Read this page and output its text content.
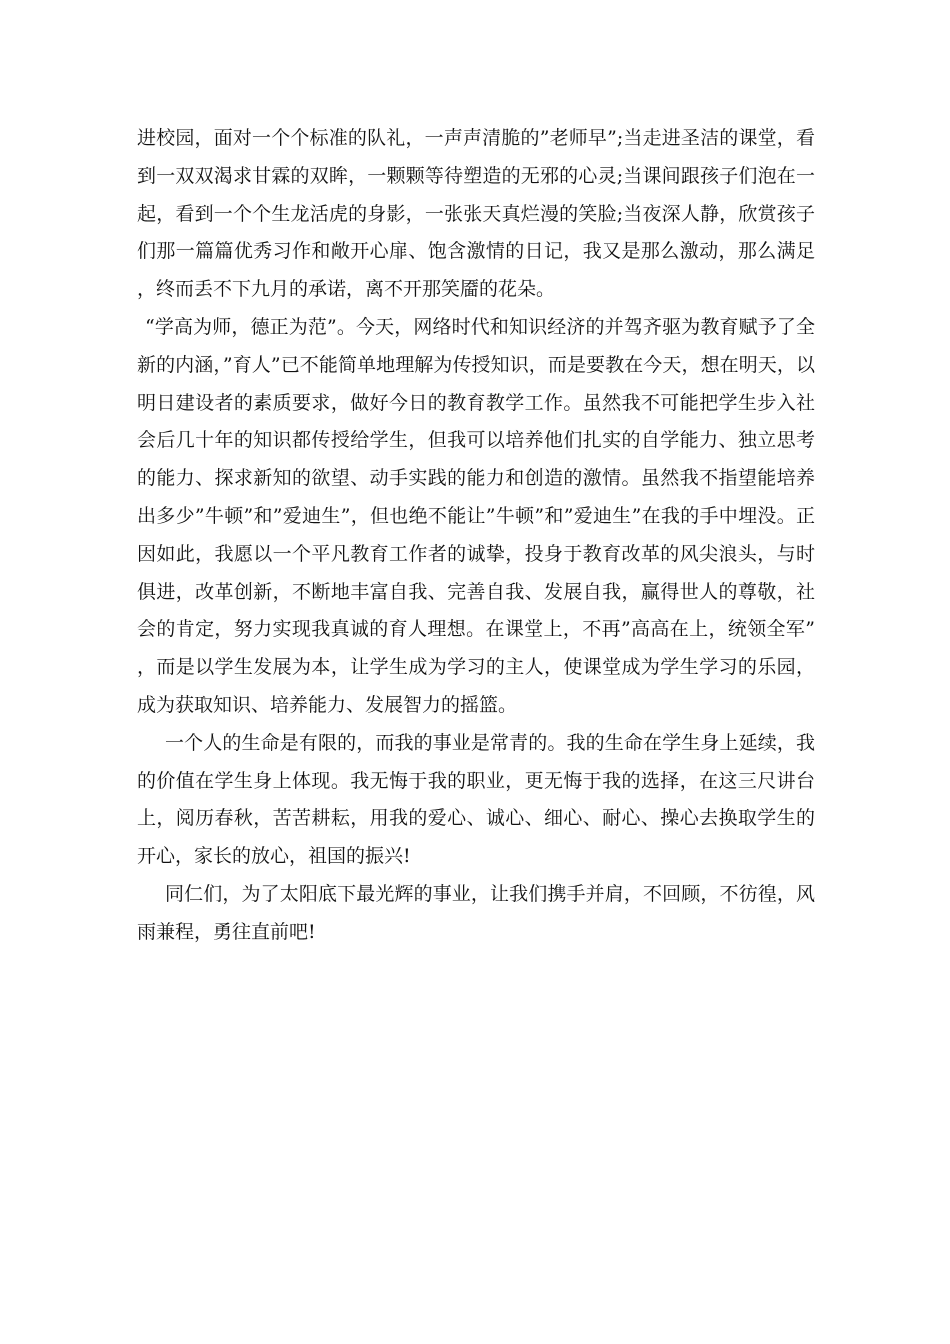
进校园，面对一个个标准的队礼，一声声清脆的”老师早”;当走进圣洁的课堂，看到一双双渴求甘霖的双眸，一颗颗等待塑造的无邪的心灵;当课间跟孩子们泡在一起，看到一个个生龙活虎的身影，一张张天真烂漫的笑脸;当夜深人静，欣赏孩子们那一篇篇优秀习作和敞开心扉、饱含激情的日记，我又是那么激动，那么满足，终而丢不下九月的承诺，离不开那笑靥的花朵。

“学高为师，德正为范”。今天，网络时代和知识经济的并驾齐驱为教育赋予了全新的内涵，”育人”已不能简单地理解为传授知识，而是要教在今天，想在明天，以明日建设者的素质要求，做好今日的教育教学工作。虽然我不可能把学生步入社会后几十年的知识都传授给学生，但我可以培养他们扎实的自学能力、独立思考的能力、探求新知的欲望、动手实践的能力和创造的激情。虽然我不指望能培养出多少”牛顿”和”爱迪生”，但也绝不能让”牛顿”和”爱迪生”在我的手中埋没。正因如此，我愿以一个平凡教育工作者的诚挚，投身于教育改革的风尖浪头，与时俱进，改革创新，不断地丰富自我、完善自我、发展自我，赢得世人的尊敬，社会的肯定，努力实现我真诚的育人理想。在课堂上，不再”高高在上，统领全军”，而是以学生发展为本，让学生成为学习的主人，使课堂成为学生学习的乐园，成为获取知识、培养能力、发展智力的摇篮。

一个人的生命是有限的，而我的事业是常青的。我的生命在学生身上延续，我的价值在学生身上体现。我无悔于我的职业，更无悔于我的选择，在这三尺讲台上，阅历春秋，苦苦耕耘，用我的爱心、诚心、细心、耐心、操心去换取学生的开心，家长的放心，祖国的振兴!

同仁们，为了太阳底下最光辉的事业，让我们携手并肩，不回顾，不彷徨，风雨兼程，勇往直前吧!
